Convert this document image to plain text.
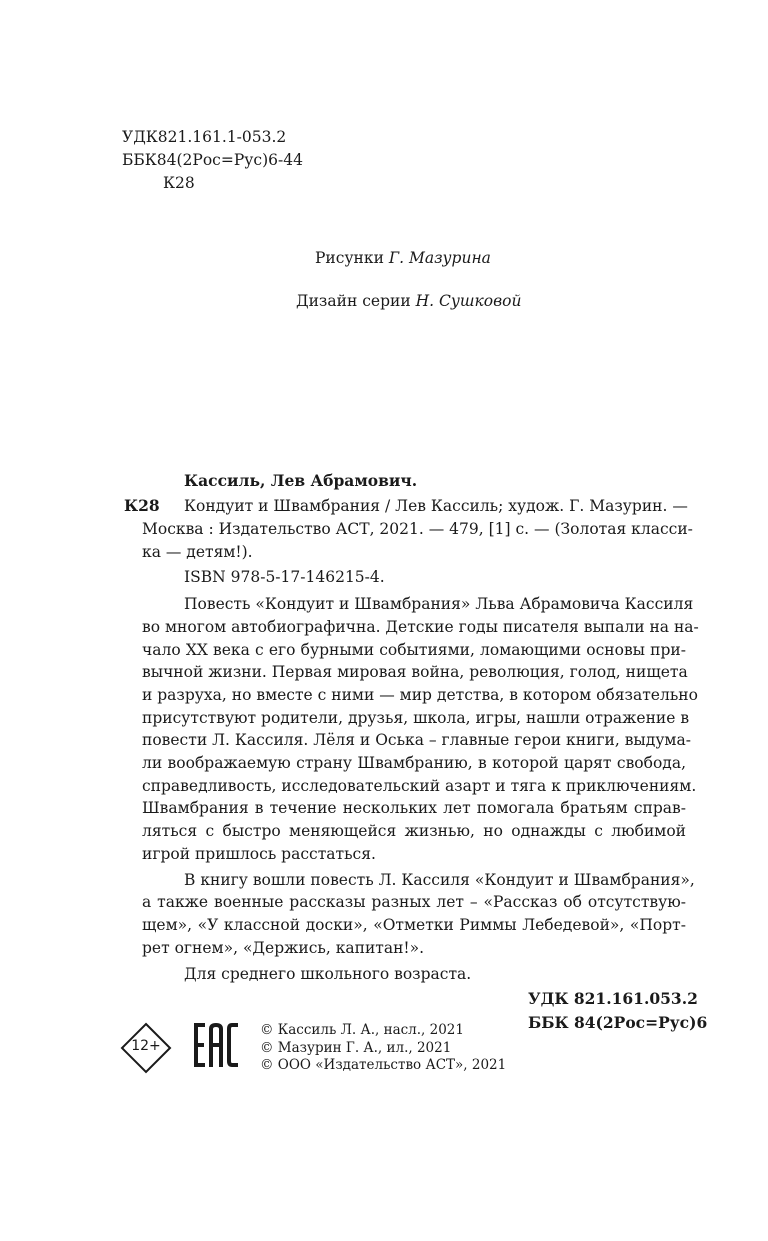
УДК821.161.1-053.2
ББК84(2Рос=Рус)6-44
К28
Рисунки Г. Мазурина
Дизайн серии Н. Сушковой
Кассиль, Лев Абрамович.
К28 Кондуит и Швамбрания / Лев Кассиль; худож. Г. Мазурин. —
Москва : Издательство АСТ, 2021. — 479, [1] с. — (Золотая класси-
ка — детям!).
ISBN 978-5-17-146215-4.
Повесть «Кондуит и Швамбрания» Льва Абрамовича Кассиля
во многом автобиографична. Детские годы писателя выпали на на-
чало XX века с его бурными событиями, ломающими основы при-
вычной жизни. Первая мировая война, революция, голод, нищета
и разруха, но вместе с ними — мир детства, в котором обязательно
присутствуют родители, друзья, школа, игры, нашли отражение в
повести Л. Кассиля. Лёля и Оська – главные герои книги, выдума-
ли воображаемую страну Швамбранию, в которой царят свобода,
справедливость, исследовательский азарт и тяга к приключениям.
Швамбрания в течение нескольких лет помогала братьям справ-
ляться с быстро меняющейся жизнью, но однажды с любимой
игрой пришлось расстаться.
В книгу вошли повесть Л. Кассиля «Кондуит и Швамбрания»,
а также военные рассказы разных лет – «Рассказ об отсутствую-
щем», «У классной доски», «Отметки Риммы Лебедевой», «Порт-
рет огнем», «Держись, капитан!».
Для среднего школьного возраста.
УДК 821.161.053.2
ББК 84(2Рос=Рус)6
12+
© Кассиль Л. А., насл., 2021
© Мазурин Г. А., ил., 2021
© ООО «Издательство АСТ», 2021
